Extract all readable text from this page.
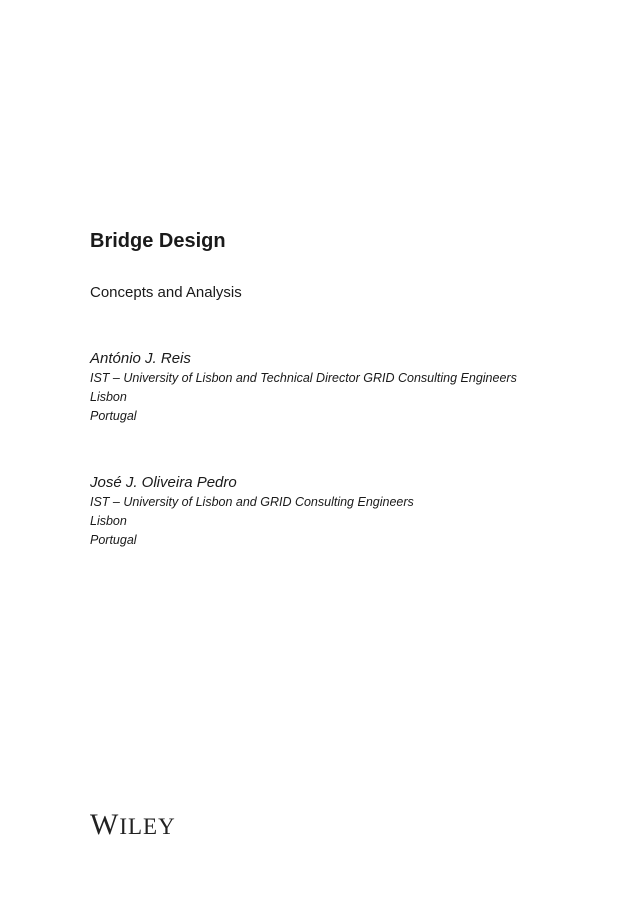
Bridge Design
Concepts and Analysis
António J. Reis
IST – University of Lisbon and Technical Director GRID Consulting Engineers
Lisbon
Portugal
José J. Oliveira Pedro
IST – University of Lisbon and GRID Consulting Engineers
Lisbon
Portugal
WILEY
